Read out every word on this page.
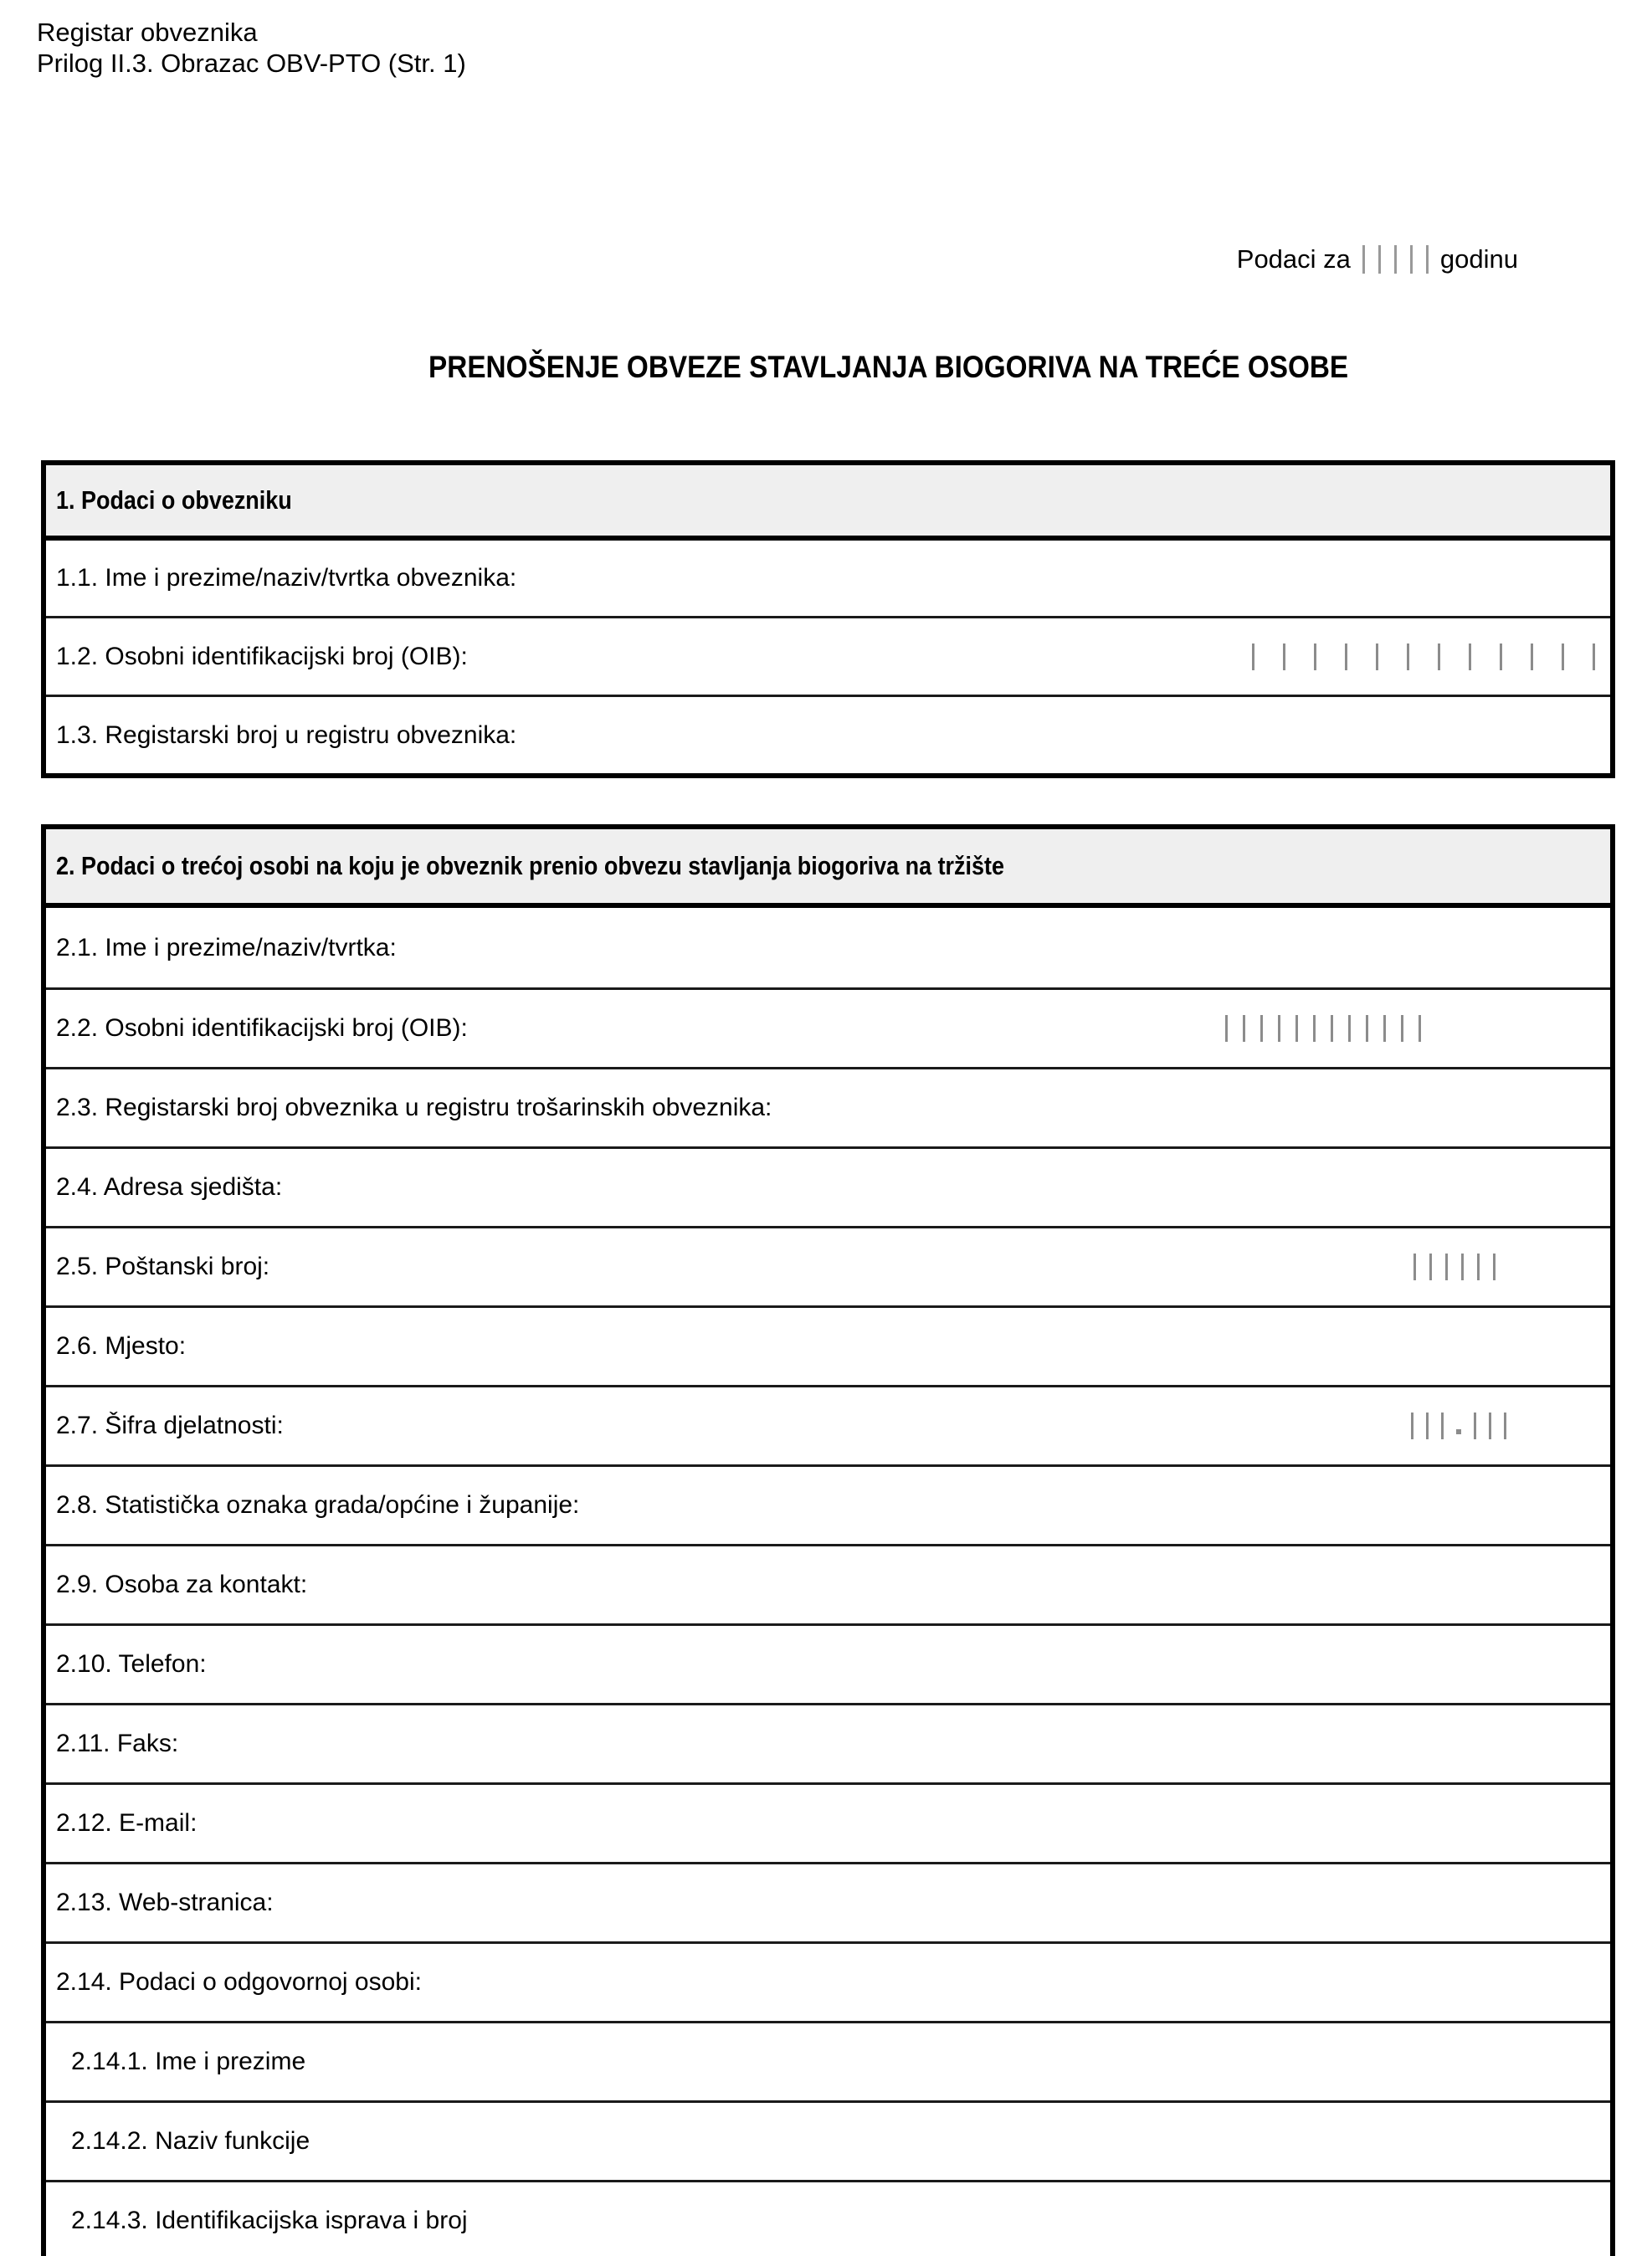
Registar obveznika
Prilog II.3. Obrazac OBV-PTO (Str. 1)
Podaci za	godinu
PRENOŠENJE OBVEZE STAVLJANJA BIOGORIVA NA TREĆE OSOBE
1. Podaci o obvezniku
1.1. Ime i prezime/naziv/tvrtka obveznika:
1.2. Osobni identifikacijski broj (OIB):
1.3. Registarski broj u registru obveznika:
2. Podaci o trećoj osobi na koju je obveznik prenio obvezu stavljanja biogoriva na tržište
2.1. Ime i prezime/naziv/tvrtka:
2.2. Osobni identifikacijski broj (OIB):
2.3. Registarski broj obveznika u registru trošarinskih obveznika:
2.4. Adresa sjedišta:
2.5. Poštanski broj:
2.6. Mjesto:
2.7. Šifra djelatnosti:
2.8. Statistička oznaka grada/općine i županije:
2.9. Osoba za kontakt:
2.10. Telefon:
2.11. Faks:
2.12. E-mail:
2.13. Web-stranica:
2.14. Podaci o odgovornoj osobi:
2.14.1. Ime i prezime
2.14.2. Naziv funkcije
2.14.3. Identifikacijska isprava i broj
